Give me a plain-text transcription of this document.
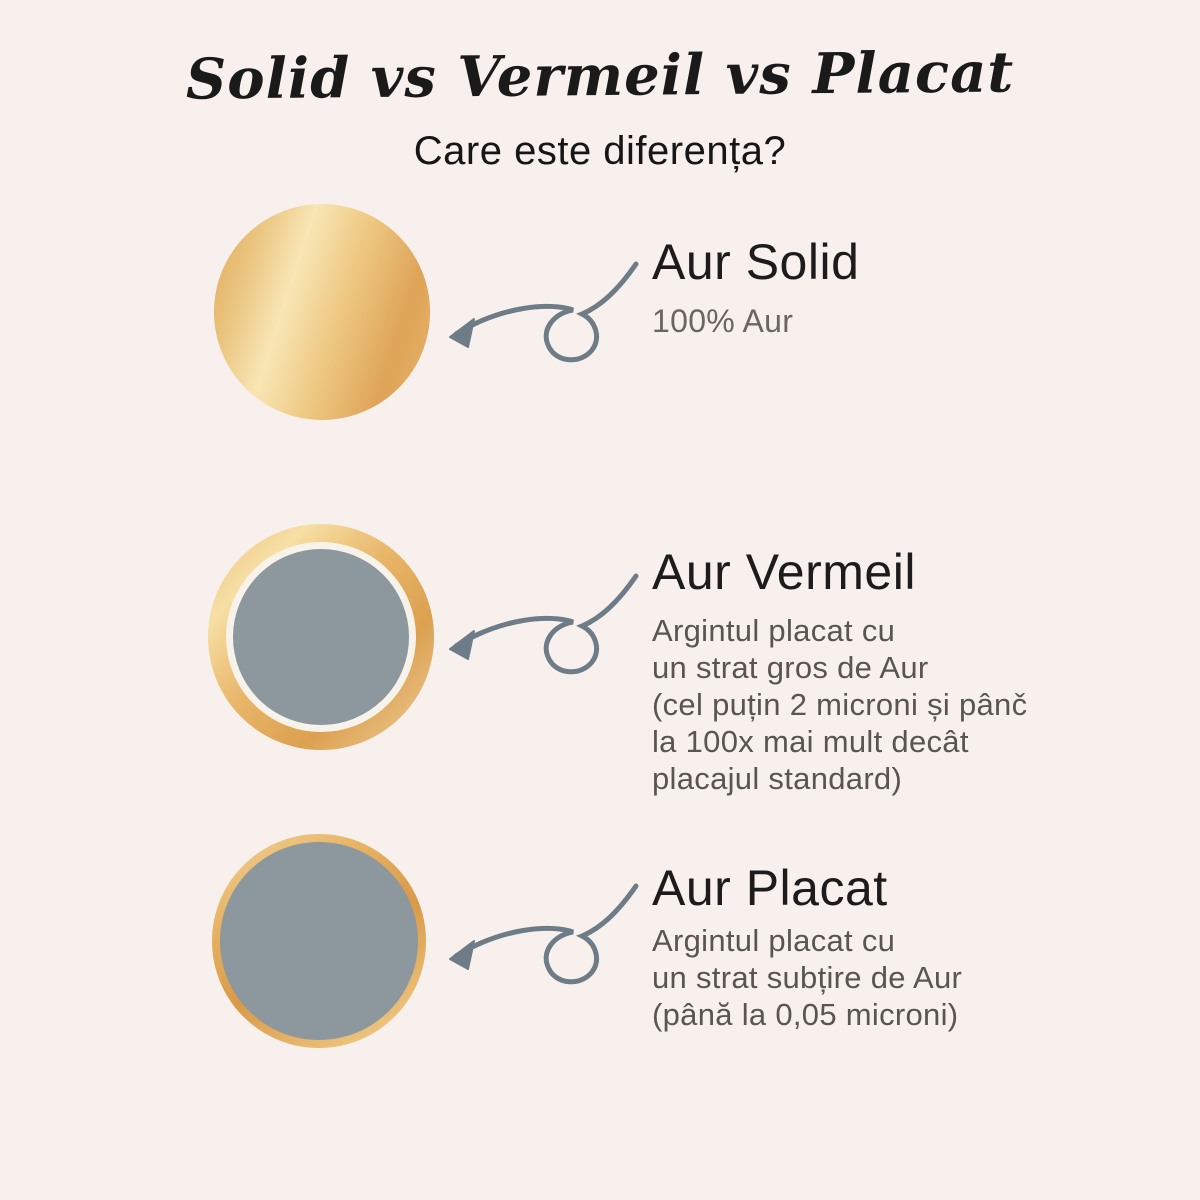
Solid vs Vermeil vs Placat
Care este diferența?
Aur Solid
100% Aur
Aur Vermeil
Argintul placat cu
un strat gros de Aur
(cel puțin 2 microni și pânč
la 100x mai mult decât
placajul standard)
Aur Placat
Argintul placat cu
un strat subțire de Aur
(până la 0,05 microni)
